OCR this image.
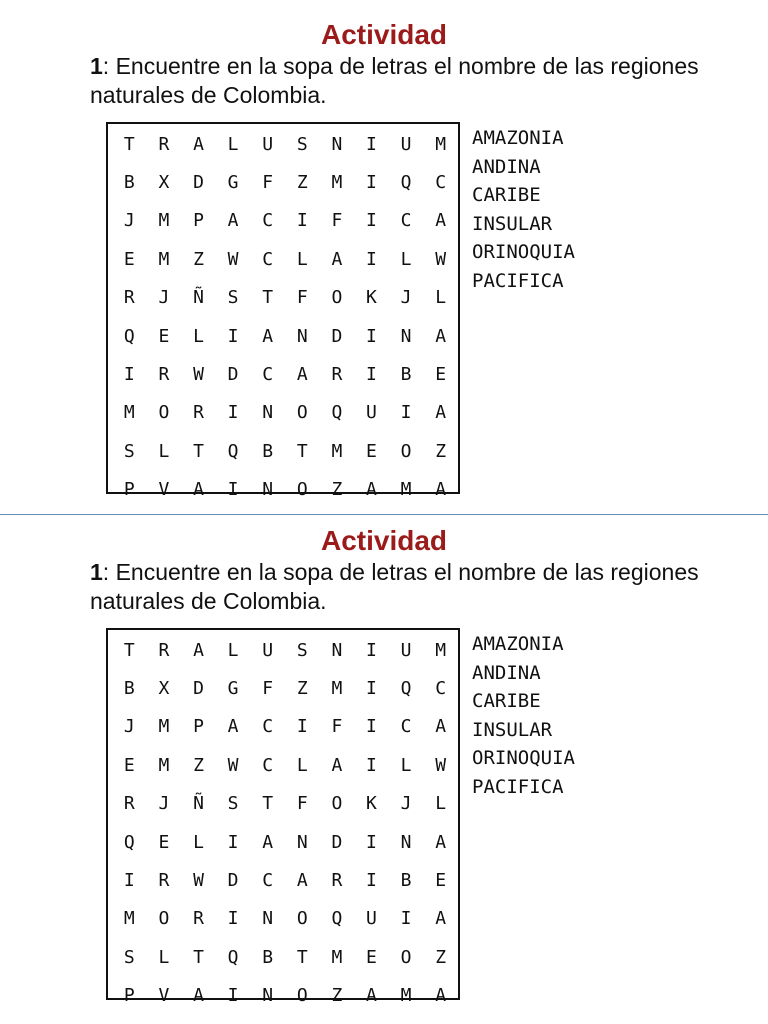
Actividad
1: Encuentre en la sopa de letras el nombre de las regiones naturales de Colombia.
T	R	A	L	U	S	N	I	U	M
B	X	D	G	F	Z	M	I	Q	C
J	M	P	A	C	I	F	I	C	A
E	M	Z	W	C	L	A	I	L	W
R	J	Ñ	S	T	F	O	K	J	L
Q	E	L	I	A	N	D	I	N	A
I	R	W	D	C	A	R	I	B	E
M	O	R	I	N	O	Q	U	I	A
S	L	T	Q	B	T	M	E	O	Z
P	V	A	I	N	O	Z	A	M	A
AMAZONIA
ANDINA
CARIBE
INSULAR
ORINOQUIA
PACIFICA
Actividad
1: Encuentre en la sopa de letras el nombre de las regiones naturales de Colombia.
T	R	A	L	U	S	N	I	U	M
B	X	D	G	F	Z	M	I	Q	C
J	M	P	A	C	I	F	I	C	A
E	M	Z	W	C	L	A	I	L	W
R	J	Ñ	S	T	F	O	K	J	L
Q	E	L	I	A	N	D	I	N	A
I	R	W	D	C	A	R	I	B	E
M	O	R	I	N	O	Q	U	I	A
S	L	T	Q	B	T	M	E	O	Z
P	V	A	I	N	O	Z	A	M	A
AMAZONIA
ANDINA
CARIBE
INSULAR
ORINOQUIA
PACIFICA
